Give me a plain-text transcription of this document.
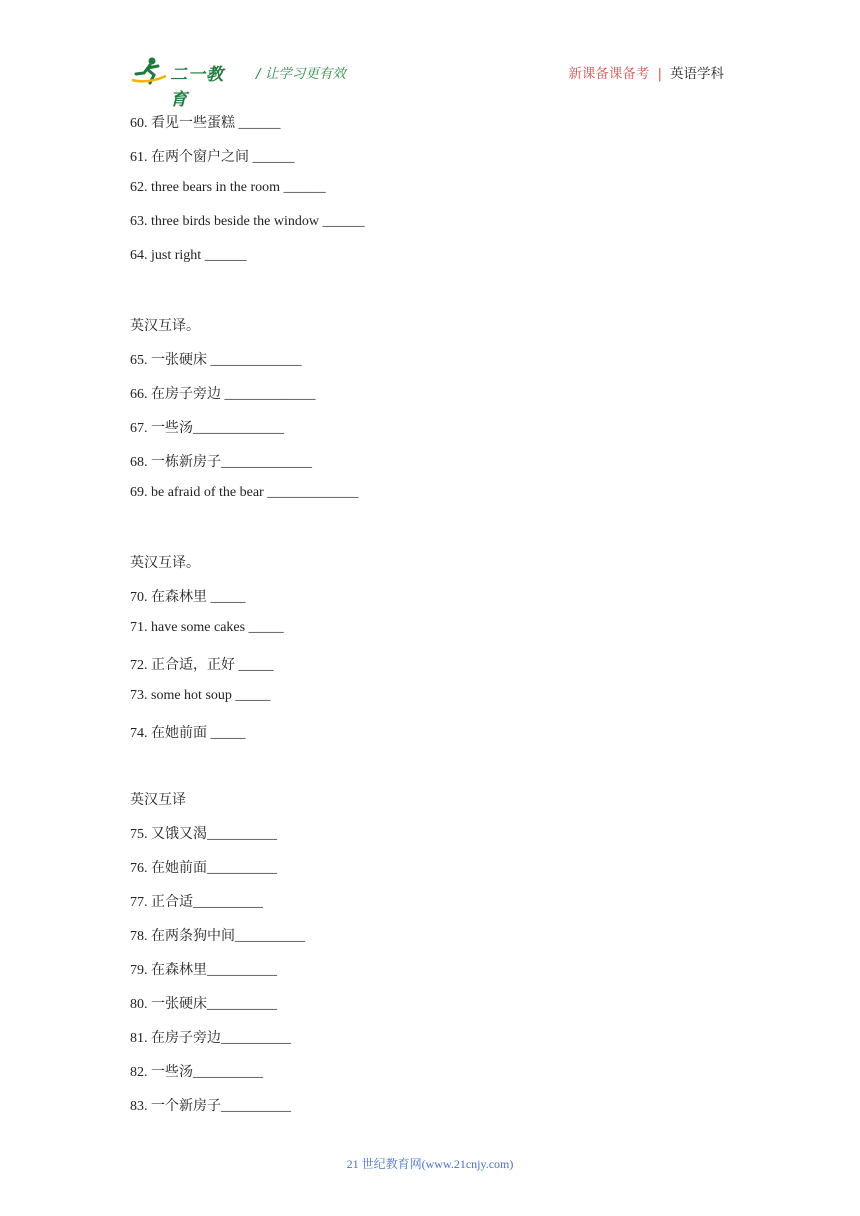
二一教育
/ 让学习更有效	新课备课备考 | 英语学科
60. 看见一些蛋糕 ______
61. 在两个窗户之间 ______
62. three bears in the room ______
63. three birds beside the window ______
64. just right ______
英汉互译。
65. 一张硬床 _____________
66. 在房子旁边 _____________
67. 一些汤_____________
68. 一栋新房子_____________
69. be afraid of the bear _____________
英汉互译。
70. 在森林里 _____
71. have some cakes _____
72. 正合适，正好 _____
73. some hot soup _____
74. 在她前面 _____
英汉互译
75. 又饿又渴__________
76. 在她前面__________
77. 正合适__________
78. 在两条狗中间__________
79. 在森林里__________
80. 一张硬床__________
81. 在房子旁边__________
82. 一些汤__________
83. 一个新房子__________
21 世纪教育网(www.21cnjy.com)
